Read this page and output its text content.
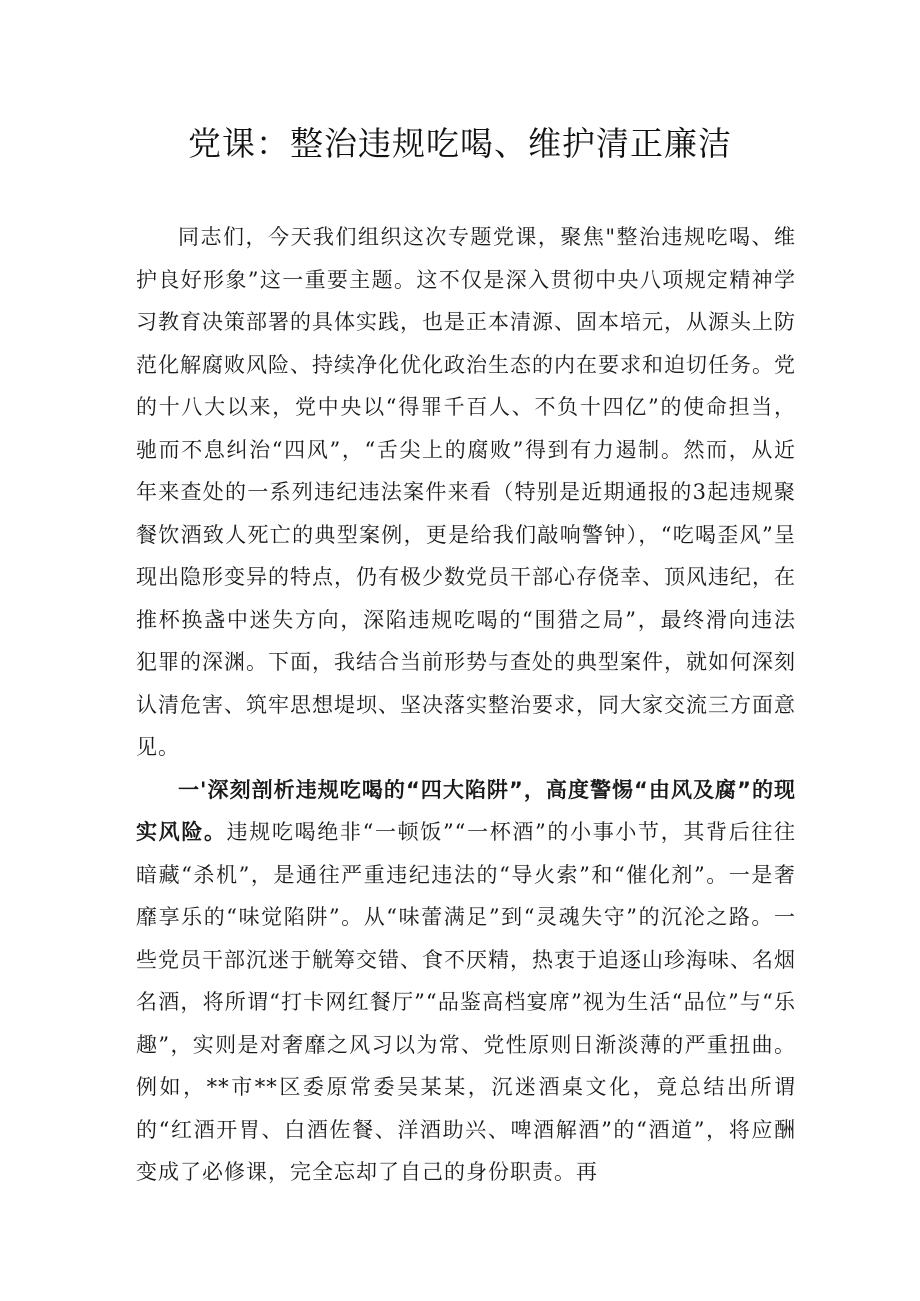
党课：整治违规吃喝、维护清正廉洁

同志们，今天我们组织这次专题党课，聚焦"整治违规吃喝、维护良好形象”这一重要主题。这不仅是深入贯彻中央八项规定精神学习教育决策部署的具体实践，也是正本清源、固本培元，从源头上防范化解腐败风险、持续净化优化政治生态的内在要求和迫切任务。党的十八大以来，党中央以“得罪千百人、不负十四亿”的使命担当，驰而不息纠治“四风”，“舌尖上的腐败”得到有力遏制。然而，从近年来查处的一系列违纪违法案件来看（特别是近期通报的3起违规聚餐饮酒致人死亡的典型案例，更是给我们敲响警钟），“吃喝歪风”呈现出隐形变异的特点，仍有极少数党员干部心存侥幸、顶风违纪，在推杯换盏中迷失方向，深陷违规吃喝的“围猎之局”，最终滑向违法犯罪的深渊。下面，我结合当前形势与查处的典型案件，就如何深刻认清危害、筑牢思想堤坝、坚决落实整治要求，同大家交流三方面意见。

一'深刻剖析违规吃喝的“四大陷阱”，高度警惕“由风及腐”的现实风险。违规吃喝绝非“一顿饭”“一杯酒”的小事小节，其背后往往暗藏“杀机”，是通往严重违纪违法的“导火索”和“催化剂”。一是奢靡享乐的“味觉陷阱”。从“味蕾满足”到“灵魂失守”的沉沦之路。一些党员干部沉迷于觥筹交错、食不厌精，热衷于追逐山珍海味、名烟名酒，将所谓“打卡网红餐厅”“品鉴高档宴席”视为生活“品位”与“乐趣”，实则是对奢靡之风习以为常、党性原则日渐淡薄的严重扭曲。例如，**市**区委原常委吴某某，沉迷酒桌文化，竟总结出所谓的“红酒开胃、白酒佐餐、洋酒助兴、啤酒解酒”的“酒道”，将应酬变成了必修课，完全忘却了自己的身份职责。再
